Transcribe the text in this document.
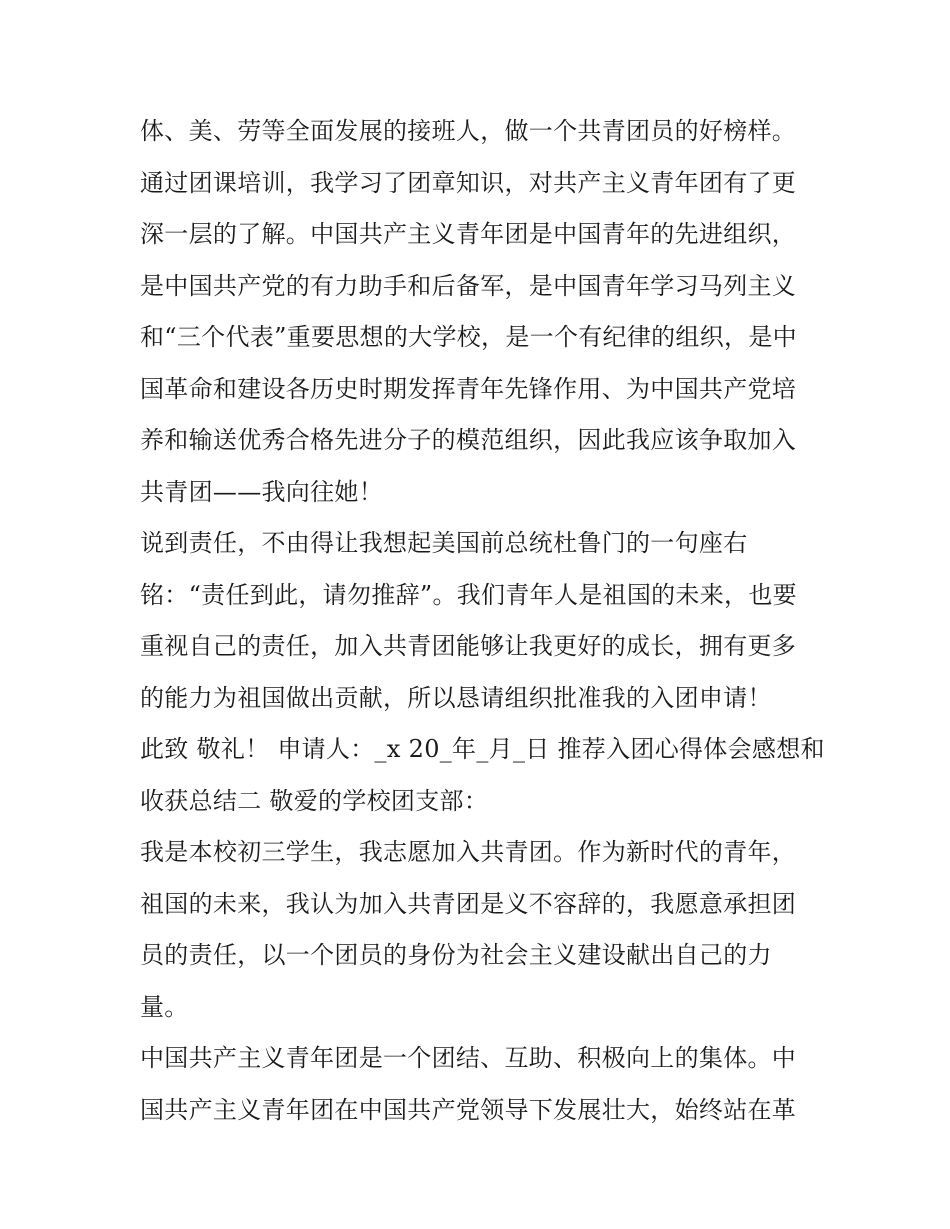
体、美、劳等全面发展的接班人，做一个共青团员的好榜样。
通过团课培训，我学习了团章知识，对共产主义青年团有了更
深一层的了解。中国共产主义青年团是中国青年的先进组织，
是中国共产党的有力助手和后备军，是中国青年学习马列主义
和“三个代表”重要思想的大学校，是一个有纪律的组织，是中
国革命和建设各历史时期发挥青年先锋作用、为中国共产党培
养和输送优秀合格先进分子的模范组织，因此我应该争取加入
共青团——我向往她！
说到责任，不由得让我想起美国前总统杜鲁门的一句座右
铭：“责任到此，请勿推辞”。我们青年人是祖国的未来，也要
重视自己的责任，加入共青团能够让我更好的成长，拥有更多
的能力为祖国做出贡献，所以恳请组织批准我的入团申请！
此致 敬礼！ 申请人：_x 20_年_月_日 推荐入团心得体会感想和
收获总结二 敬爱的学校团支部：
我是本校初三学生，我志愿加入共青团。作为新时代的青年，
祖国的未来，我认为加入共青团是义不容辞的，我愿意承担团
员的责任，以一个团员的身份为社会主义建设献出自己的力
量。
中国共产主义青年团是一个团结、互助、积极向上的集体。中
国共产主义青年团在中国共产党领导下发展壮大，始终站在革
